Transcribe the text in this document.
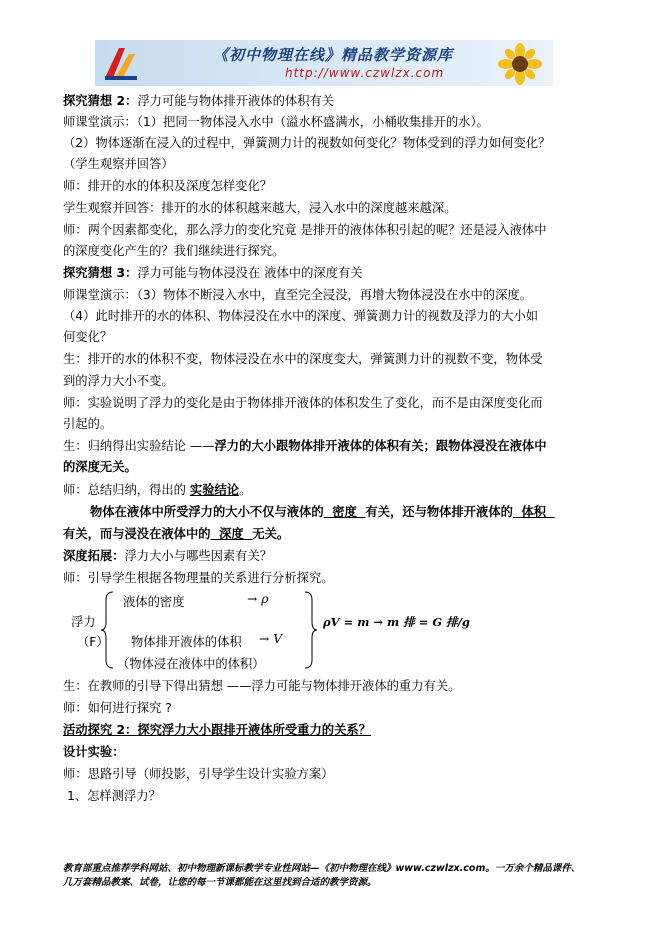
《初中物理在线》精品教学资源库
http://www.czwlzx.com
探究猜想 2：浮力可能与物体排开液体的体积有关
师课堂演示：（1）把同一物体浸入水中（溢水杯盛满水，小桶收集排开的水）。
（2）物体逐渐在浸入的过程中，弹簧测力计的视数如何变化？物体受到的浮力如何变化？
（学生观察并回答）
师：排开的水的体积及深度怎样变化？
学生观察并回答：排开的水的体积越来越大，浸入水中的深度越来越深。
师：两个因素都变化，那么浮力的变化究竟 是排开的液体体积引起的呢？还是浸入液体中
的深度变化产生的？我们继续进行探究。
探究猜想 3：浮力可能与物体浸没在 液体中的深度有关
师课堂演示：（3）物体不断浸入水中，直至完全浸没，再增大物体浸没在水中的深度。
（4）此时排开的水的体积、物体浸没在水中的深度、弹簧测力计的视数及浮力的大小如
何变化？
生：排开的水的体积不变，物体浸没在水中的深度变大，弹簧测力计的视数不变，物体受
到的浮力大小不变。
师：实验说明了浮力的变化是由于物体排开液体的体积发生了变化，而不是由深度变化而
引起的。
生：归纳得出实验结论 ——浮力的大小跟物体排开液体的体积有关；跟物体浸没在液体中
的深度无关。
师：总结归纳，得出的 实验结论。
物体在液体中所受浮力的大小不仅与液体的  密度  有关，还与物体排开液体的  体积
有关，而与浸没在液体中的  深度  无关。
深度拓展：浮力大小与哪些因素有关？
师：引导学生根据各物理量的关系进行分析探究。
浮力
（F）
液体的密度	→ ρ
物体排开液体的体积 → V
（物体浸在液体中的体积）
ρV = m → m 排 = G 排/g
生：在教师的引导下得出猜想 ——浮力可能与物体排开液体的重力有关。
师：如何进行探究 ?
活动探究 2：探究浮力大小跟排开液体所受重力的关系？
设计实验：
师：思路引导（师投影，引导学生设计实验方案）
1、怎样测浮力？
教育部重点推荐学科网站、初中物理新课标教学专业性网站—《初中物理在线》www.czwlzx.com。一万余个精品课件、
几万套精品教案、试卷，让您的每一节课都能在这里找到合适的教学资源。
